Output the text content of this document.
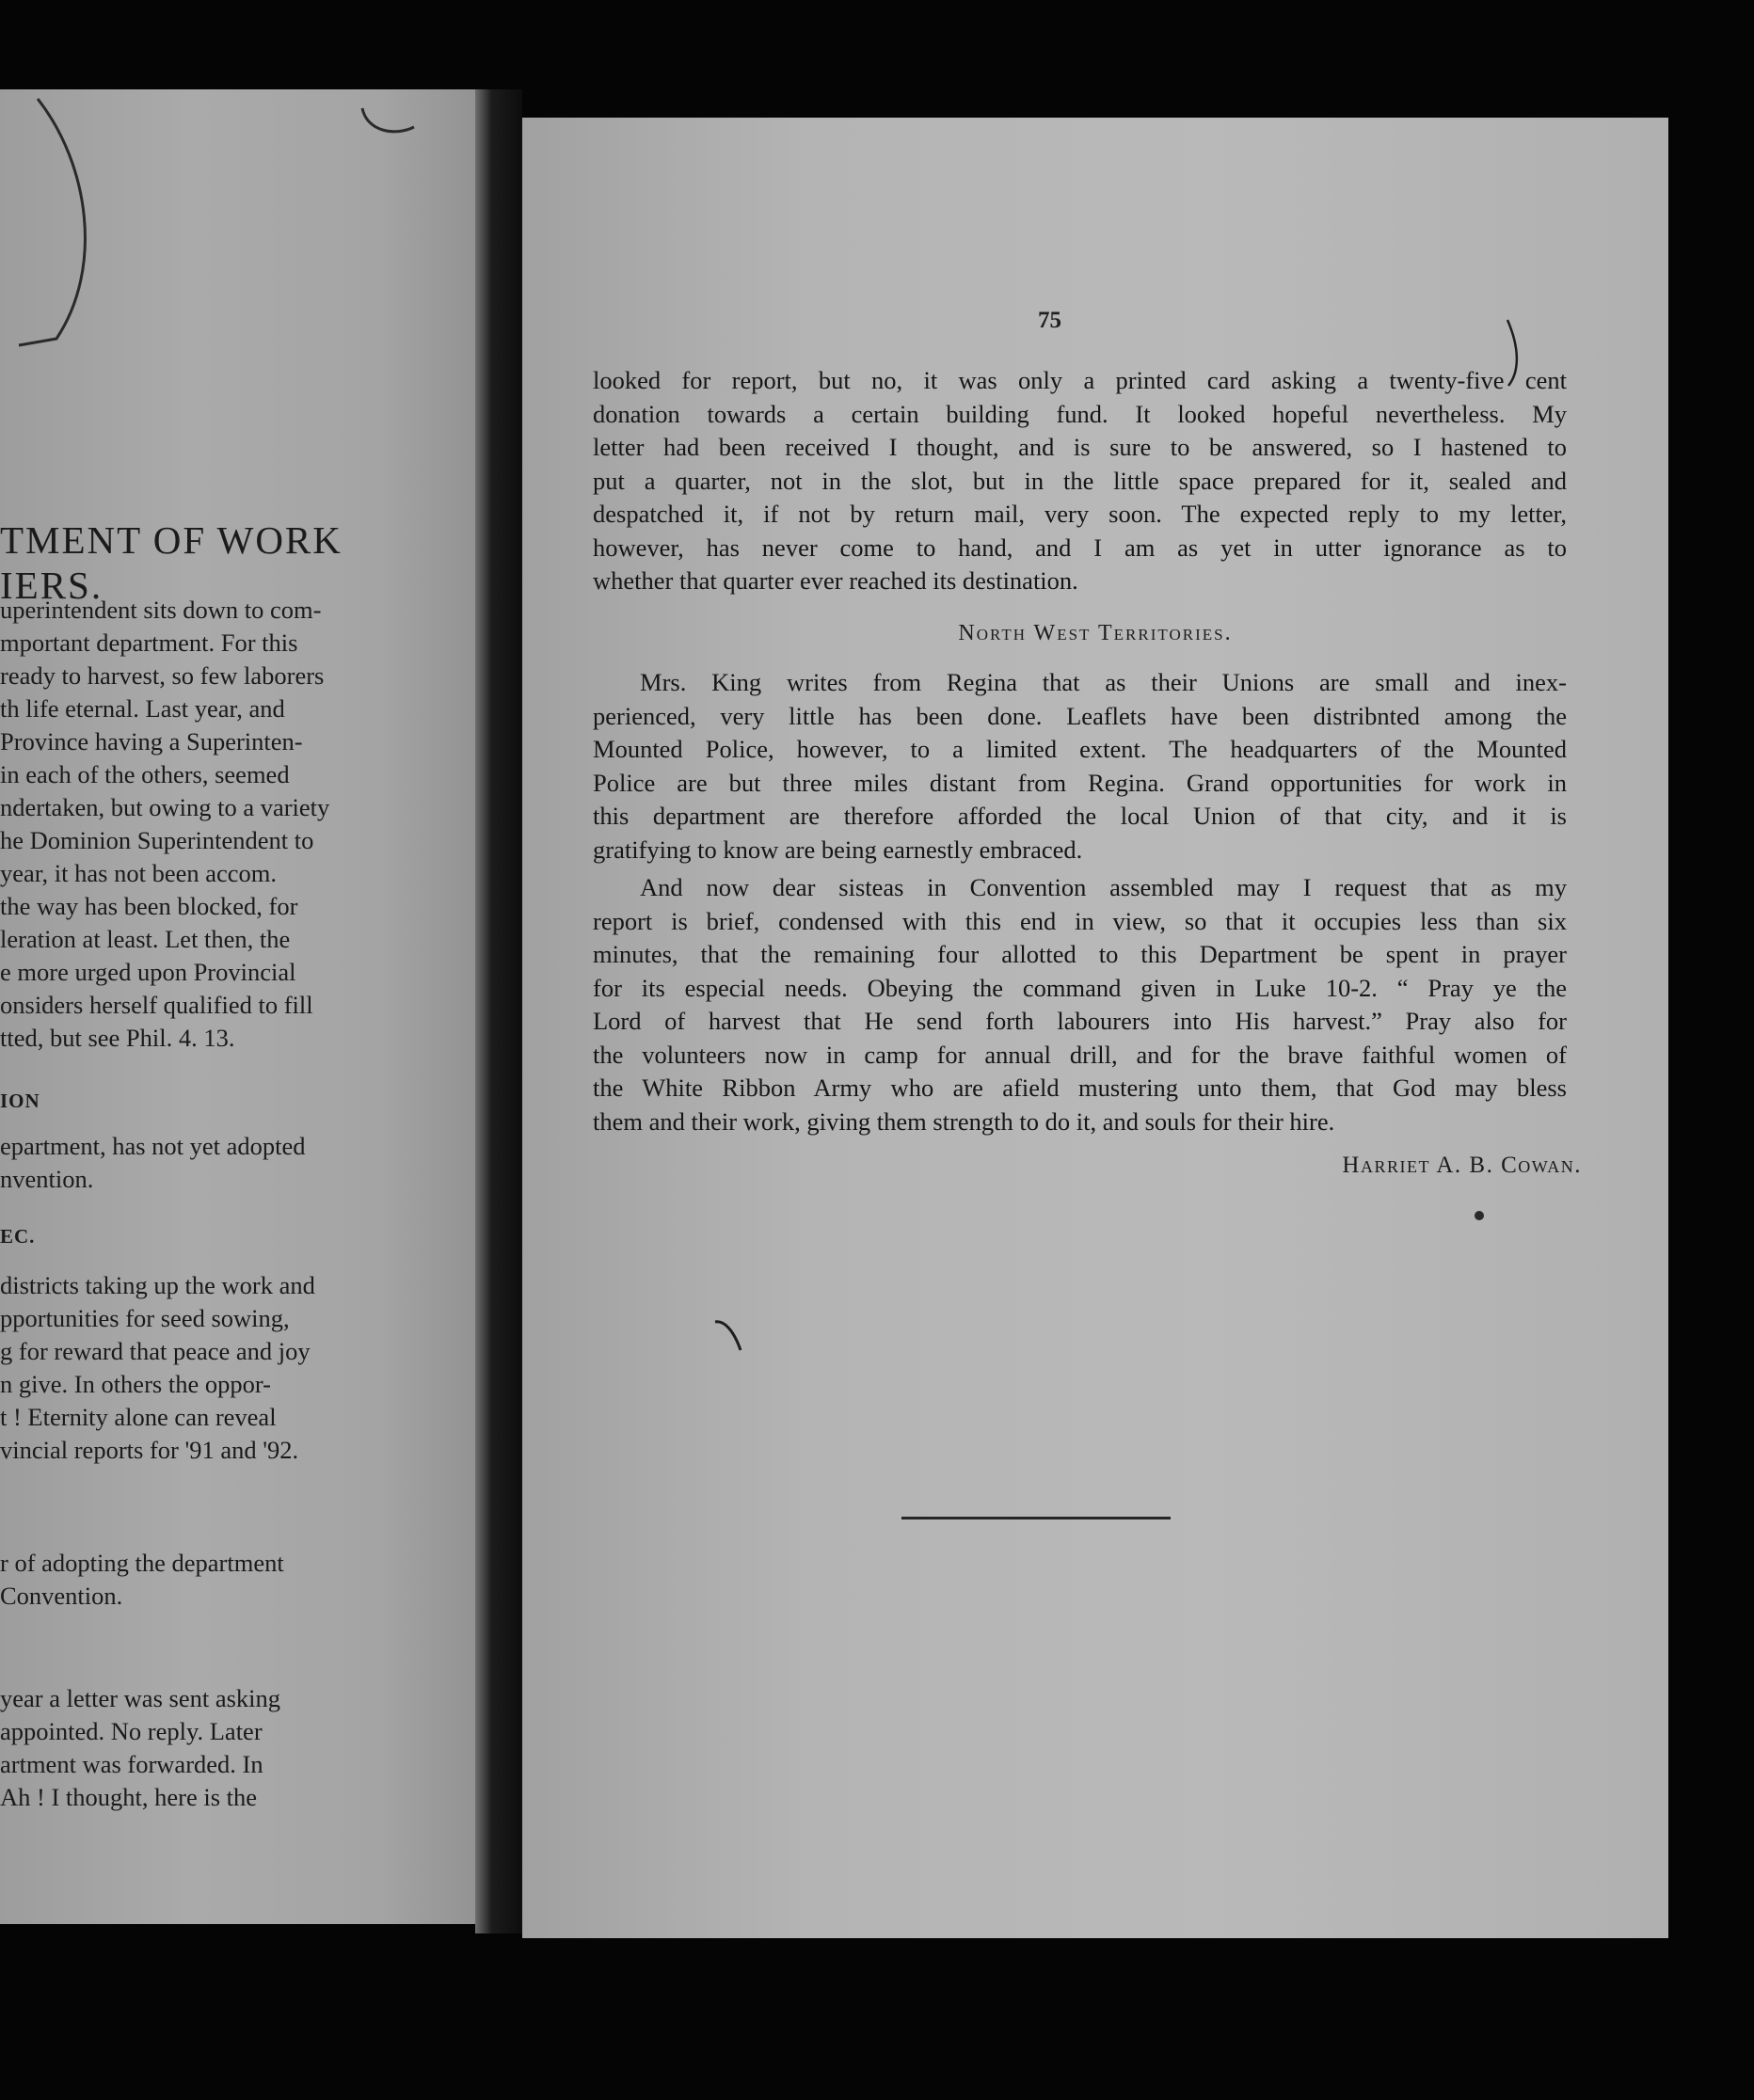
TMENT OF WORK
IERS.
uperintendent sits down to com-
mportant department. For this
ready to harvest, so few laborers
th life eternal. Last year, and
Province having a Superinten-
in each of the others, seemed
ndertaken, but owing to a variety
he Dominion Superintendent to
year, it has not been accom.
the way has been blocked, for
leration at least. Let then, the
e more urged upon Provincial
onsiders herself qualified to fill
tted, but see Phil. 4. 13.
ION
epartment, has not yet adopted
nvention.
EC.
districts taking up the work and
pportunities for seed sowing,
g for reward that peace and joy
n give. In others the oppor-
t ! Eternity alone can reveal
vincial reports for '91 and '92.
r of adopting the department
Convention.
year a letter was sent asking
appointed. No reply. Later
artment was forwarded. In
Ah ! I thought, here is the
75

looked for report, but no, it was only a printed card asking a twenty-five cent

donation towards a certain building fund. It looked hopeful nevertheless. My

letter had been received I thought, and is sure to be answered, so I hastened to

put a quarter, not in the slot, but in the little space prepared for it, sealed and

despatched it, if not by return mail, very soon. The expected reply to my letter,

however, has never come to hand, and I am as yet in utter ignorance as to

whether that quarter ever reached its destination.

North West Territories.

Mrs. King writes from Regina that as their Unions are small and inex-

perienced, very little has been done. Leaflets have been distribnted among the

Mounted Police, however, to a limited extent. The headquarters of the Mounted

Police are but three miles distant from Regina. Grand opportunities for work in

this department are therefore afforded the local Union of that city, and it is

gratifying to know are being earnestly embraced.

And now dear sisteas in Convention assembled may I request that as my

report is brief, condensed with this end in view, so that it occupies less than six

minutes, that the remaining four allotted to this Department be spent in prayer

for its especial needs. Obeying the command given in Luke 10-2. “ Pray ye the

Lord of harvest that He send forth labourers into His harvest.” Pray also for

the volunteers now in camp for annual drill, and for the brave faithful women of

the White Ribbon Army who are afield mustering unto them, that God may bless

them and their work, giving them strength to do it, and souls for their hire.

Harriet A. B. Cowan.
